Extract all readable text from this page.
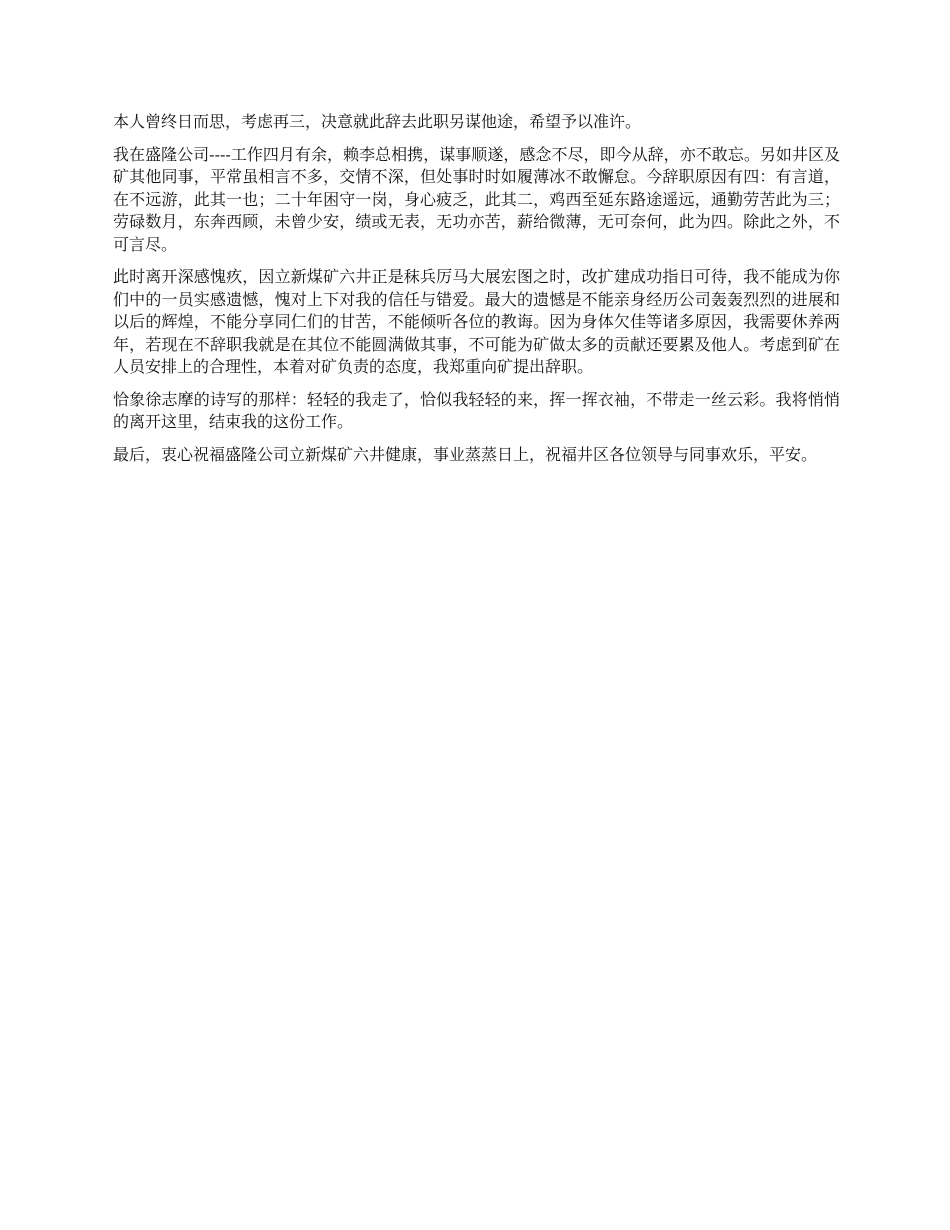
本人曾终日而思，考虑再三，决意就此辞去此职另谋他途，希望予以准许。

我在盛隆公司----工作四月有余，赖李总相携，谋事顺遂，感念不尽，即今从辞，亦不敢忘。另如井区及矿其他同事，平常虽相言不多，交情不深，但处事时时如履薄冰不敢懈怠。今辞职原因有四：有言道，在不远游，此其一也；二十年困守一岗，身心疲乏，此其二，鸡西至延东路途遥远，通勤劳苦此为三；劳碌数月，东奔西顾，未曾少安，绩或无表，无功亦苦，薪给微薄，无可奈何，此为四。除此之外，不可言尽。

此时离开深感愧疚，因立新煤矿六井正是秣兵厉马大展宏图之时，改扩建成功指日可待，我不能成为你们中的一员实感遗憾，愧对上下对我的信任与错爱。最大的遗憾是不能亲身经历公司轰轰烈烈的进展和以后的辉煌，不能分享同仁们的甘苦，不能倾听各位的教诲。因为身体欠佳等诸多原因，我需要休养两年，若现在不辞职我就是在其位不能圆满做其事，不可能为矿做太多的贡献还要累及他人。考虑到矿在人员安排上的合理性，本着对矿负责的态度，我郑重向矿提出辞职。

恰象徐志摩的诗写的那样：轻轻的我走了，恰似我轻轻的来，挥一挥衣袖，不带走一丝云彩。我将悄悄的离开这里，结束我的这份工作。

最后，衷心祝福盛隆公司立新煤矿六井健康，事业蒸蒸日上，祝福井区各位领导与同事欢乐，平安。
